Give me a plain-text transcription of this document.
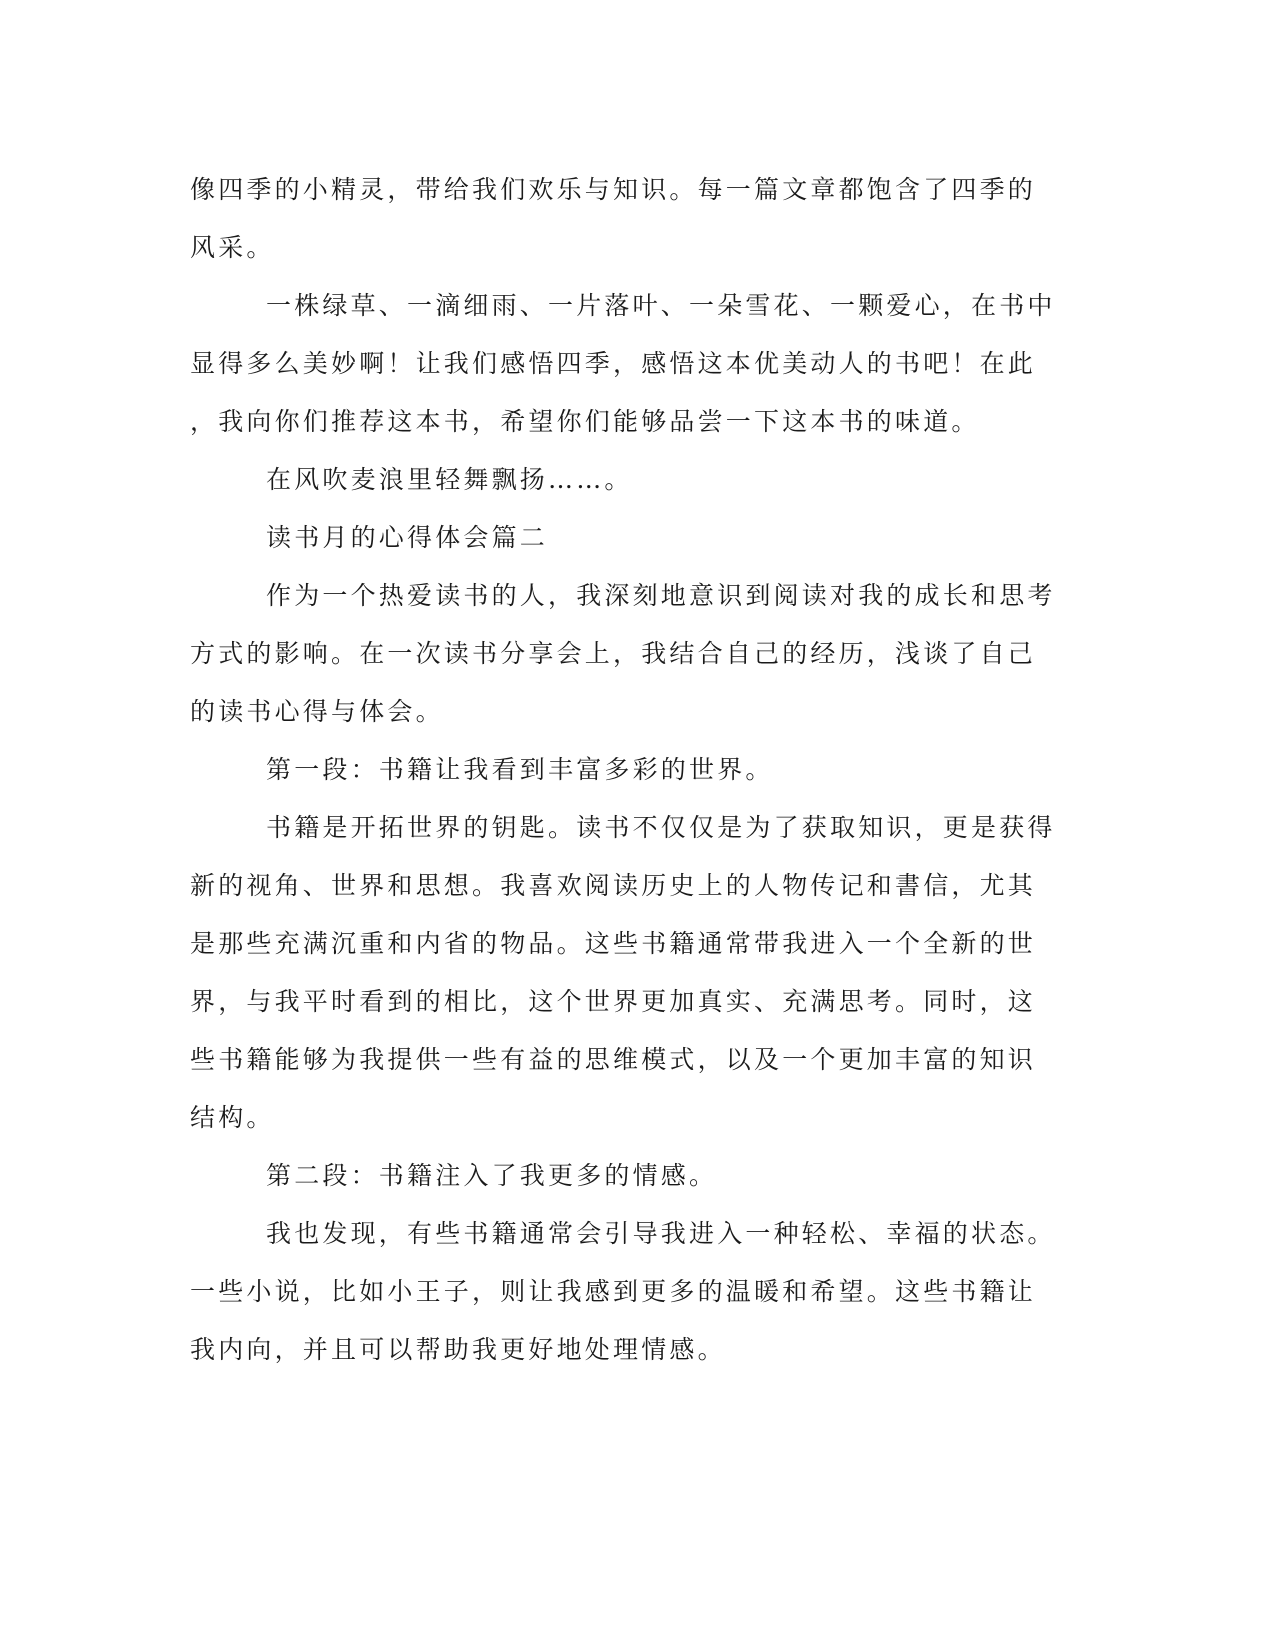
像四季的小精灵，带给我们欢乐与知识。每一篇文章都饱含了四季的
风采。
一株绿草、一滴细雨、一片落叶、一朵雪花、一颗爱心，在书中
显得多么美妙啊！让我们感悟四季，感悟这本优美动人的书吧！在此
，我向你们推荐这本书，希望你们能够品尝一下这本书的味道。
在风吹麦浪里轻舞飘扬……。
读书月的心得体会篇二
作为一个热爱读书的人，我深刻地意识到阅读对我的成长和思考
方式的影响。在一次读书分享会上，我结合自己的经历，浅谈了自己
的读书心得与体会。
第一段：书籍让我看到丰富多彩的世界。
书籍是开拓世界的钥匙。读书不仅仅是为了获取知识，更是获得
新的视角、世界和思想。我喜欢阅读历史上的人物传记和書信，尤其
是那些充满沉重和内省的物品。这些书籍通常带我进入一个全新的世
界，与我平时看到的相比，这个世界更加真实、充满思考。同时，这
些书籍能够为我提供一些有益的思维模式，以及一个更加丰富的知识
结构。
第二段：书籍注入了我更多的情感。
我也发现，有些书籍通常会引导我进入一种轻松、幸福的状态。
一些小说，比如小王子，则让我感到更多的温暖和希望。这些书籍让
我内向，并且可以帮助我更好地处理情感。
